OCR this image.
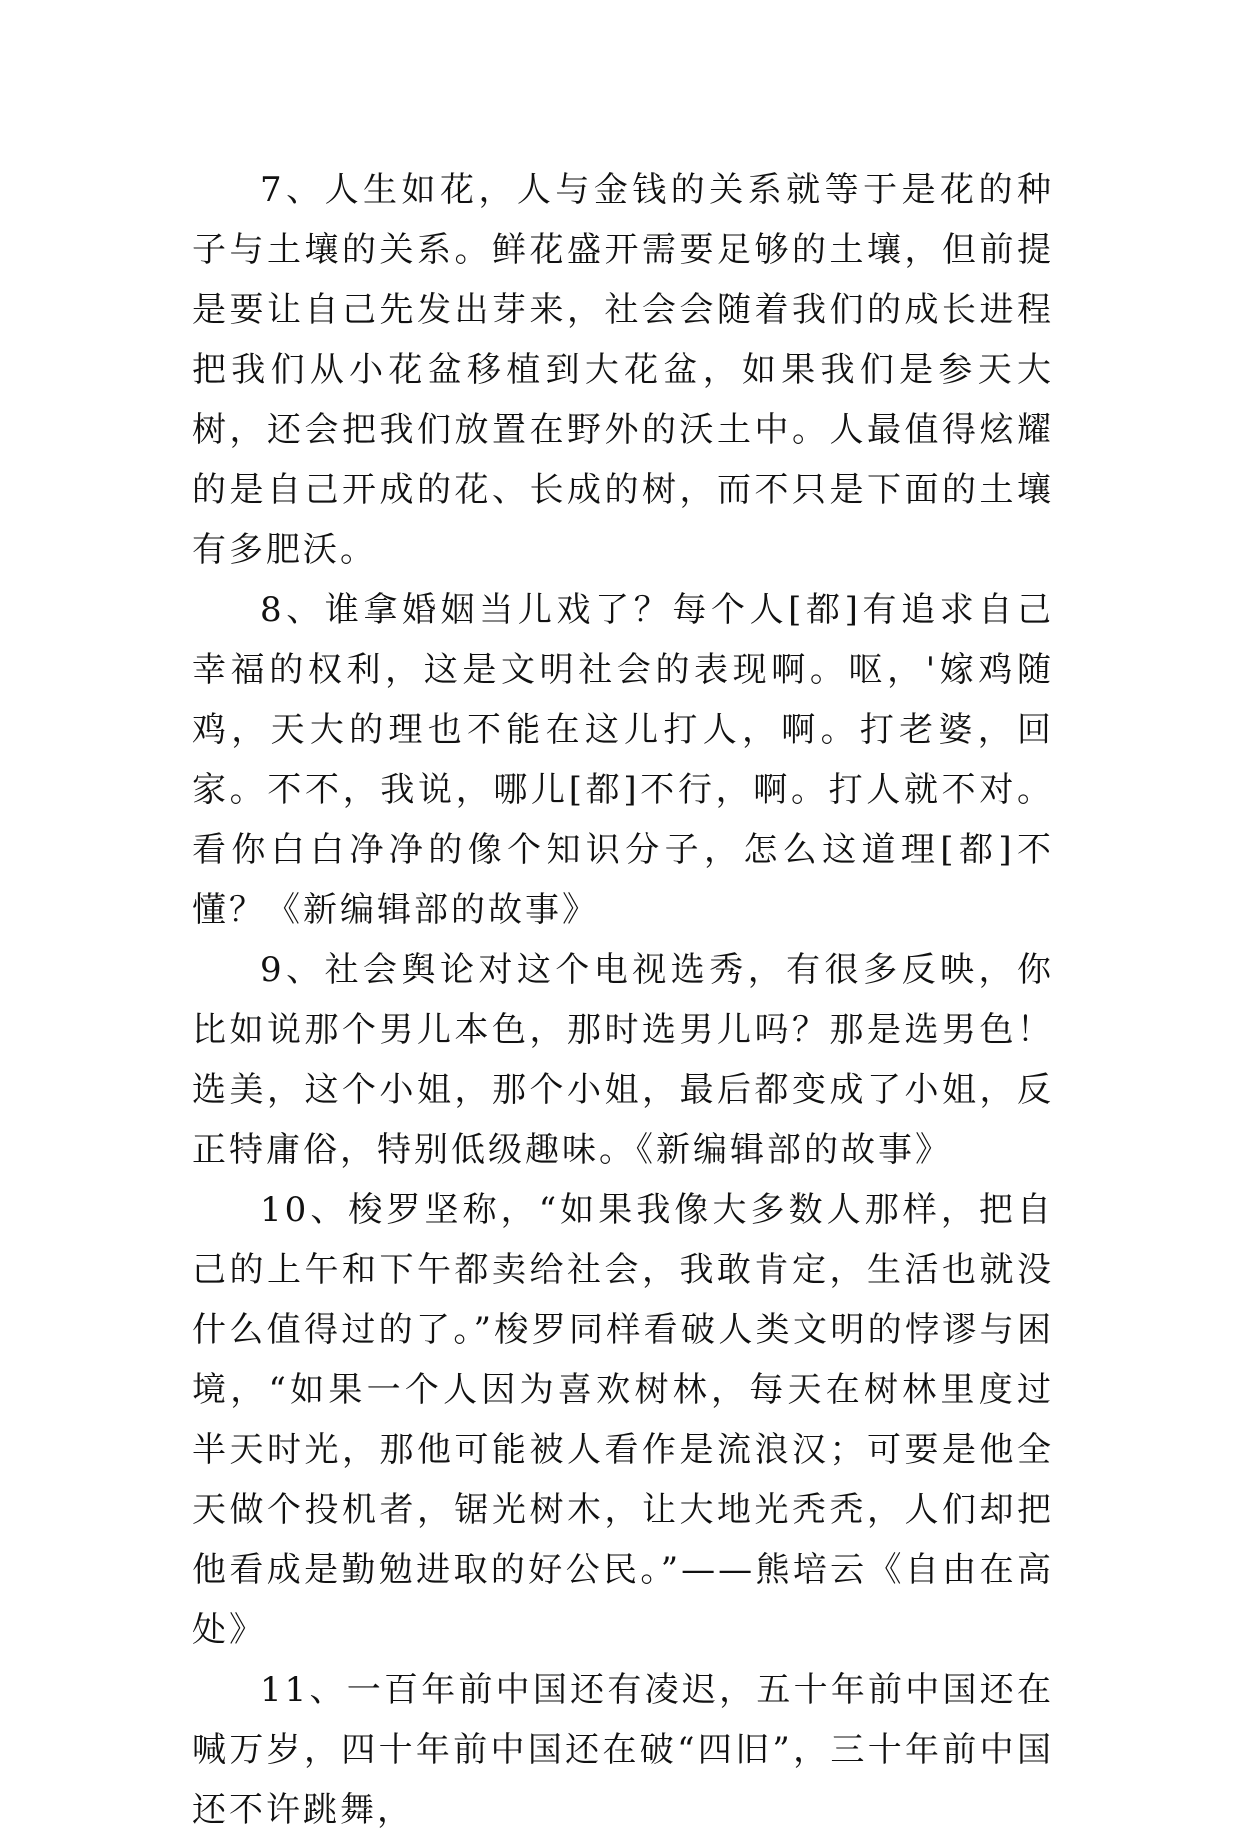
7、人生如花，人与金钱的关系就等于是花的种子与土壤的关系。鲜花盛开需要足够的土壤，但前提是要让自己先发出芽来，社会会随着我们的成长进程把我们从小花盆移植到大花盆，如果我们是参天大树，还会把我们放置在野外的沃土中。人最值得炫耀的是自己开成的花、长成的树，而不只是下面的土壤有多肥沃。

8、谁拿婚姻当儿戏了？每个人[都]有追求自己幸福的权利，这是文明社会的表现啊。呕，'嫁鸡随鸡，天大的理也不能在这儿打人，啊。打老婆，回家。不不，我说，哪儿[都]不行，啊。打人就不对。看你白白净净的像个知识分子，怎么这道理[都]不懂？《新编辑部的故事》

9、社会舆论对这个电视选秀，有很多反映，你比如说那个男儿本色，那时选男儿吗？那是选男色！选美，这个小姐，那个小姐，最后都变成了小姐，反正特庸俗，特别低级趣味。《新编辑部的故事》

10、梭罗坚称，“如果我像大多数人那样，把自己的上午和下午都卖给社会，我敢肯定，生活也就没什么值得过的了。”梭罗同样看破人类文明的悖谬与困境，“如果一个人因为喜欢树林，每天在树林里度过半天时光，那他可能被人看作是流浪汉；可要是他全天做个投机者，锯光树木，让大地光秃秃，人们却把他看成是勤勉进取的好公民。”——熊培云《自由在高处》

11、一百年前中国还有凌迟，五十年前中国还在喊万岁，四十年前中国还在破“四旧”，三十年前中国还不许跳舞，
